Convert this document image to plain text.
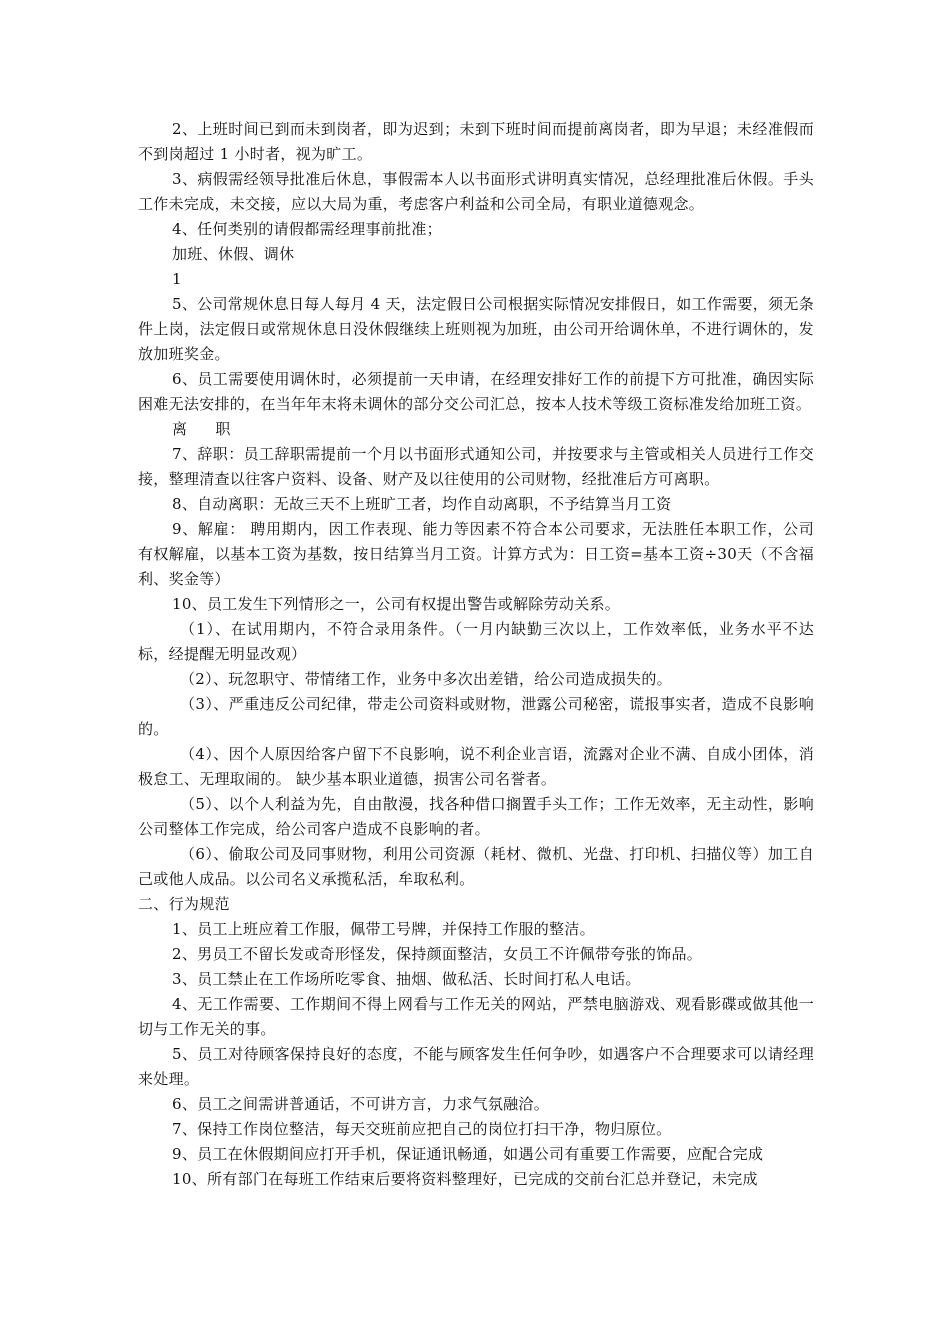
2、上班时间已到而未到岗者，即为迟到；未到下班时间而提前离岗者，即为早退；未经准假而不到岗超过 1 小时者，视为旷工。

3、病假需经领导批准后休息，事假需本人以书面形式讲明真实情况，总经理批准后休假。手头工作未完成，未交接，应以大局为重，考虑客户利益和公司全局，有职业道德观念。

4、任何类别的请假都需经理事前批准；

加班、休假、调休

1

5、公司常规休息日每人每月 4 天，法定假日公司根据实际情况安排假日，如工作需要，须无条件上岗，法定假日或常规休息日没休假继续上班则视为加班，由公司开给调休单，不进行调休的，发放加班奖金。

6、员工需要使用调休时，必须提前一天申请，在经理安排好工作的前提下方可批准，确因实际困难无法安排的，在当年年末将未调休的部分交公司汇总，按本人技术等级工资标准发给加班工资。

离 职

7、辞职：员工辞职需提前一个月以书面形式通知公司，并按要求与主管或相关人员进行工作交接，整理清查以往客户资料、设备、财产及以往使用的公司财物，经批准后方可离职。

8、自动离职：无故三天不上班旷工者，均作自动离职，不予结算当月工资

9、解雇： 聘用期内，因工作表现、能力等因素不符合本公司要求，无法胜任本职工作，公司有权解雇，以基本工资为基数，按日结算当月工资。计算方式为：日工资=基本工资÷30天（不含福利、奖金等）

10、员工发生下列情形之一，公司有权提出警告或解除劳动关系。

（1）、在试用期内，不符合录用条件。（一月内缺勤三次以上，工作效率低，业务水平不达标，经提醒无明显改观）

（2）、玩忽职守、带情绪工作，业务中多次出差错，给公司造成损失的。

（3）、严重违反公司纪律，带走公司资料或财物，泄露公司秘密，谎报事实者，造成不良影响的。

（4）、因个人原因给客户留下不良影响，说不利企业言语，流露对企业不满、自成小团体，消极怠工、无理取闹的。 缺少基本职业道德，损害公司名誉者。

（5）、以个人利益为先，自由散漫，找各种借口搁置手头工作；工作无效率，无主动性，影响公司整体工作完成，给公司客户造成不良影响的者。

（6）、偷取公司及同事财物，利用公司资源（耗材、微机、光盘、打印机、扫描仪等）加工自己或他人成品。以公司名义承揽私活，牟取私利。

二、行为规范

1、员工上班应着工作服，佩带工号牌，并保持工作服的整洁。

2、男员工不留长发或奇形怪发，保持颜面整洁，女员工不许佩带夸张的饰品。

3、员工禁止在工作场所吃零食、抽烟、做私活、长时间打私人电话。

4、无工作需要、工作期间不得上网看与工作无关的网站，严禁电脑游戏、观看影碟或做其他一切与工作无关的事。

5、员工对待顾客保持良好的态度，不能与顾客发生任何争吵，如遇客户不合理要求可以请经理来处理。

6、员工之间需讲普通话，不可讲方言，力求气氛融洽。

7、保持工作岗位整洁，每天交班前应把自己的岗位打扫干净，物归原位。

9、员工在休假期间应打开手机，保证通讯畅通，如遇公司有重要工作需要，应配合完成

10、所有部门在每班工作结束后要将资料整理好，已完成的交前台汇总并登记，未完成
